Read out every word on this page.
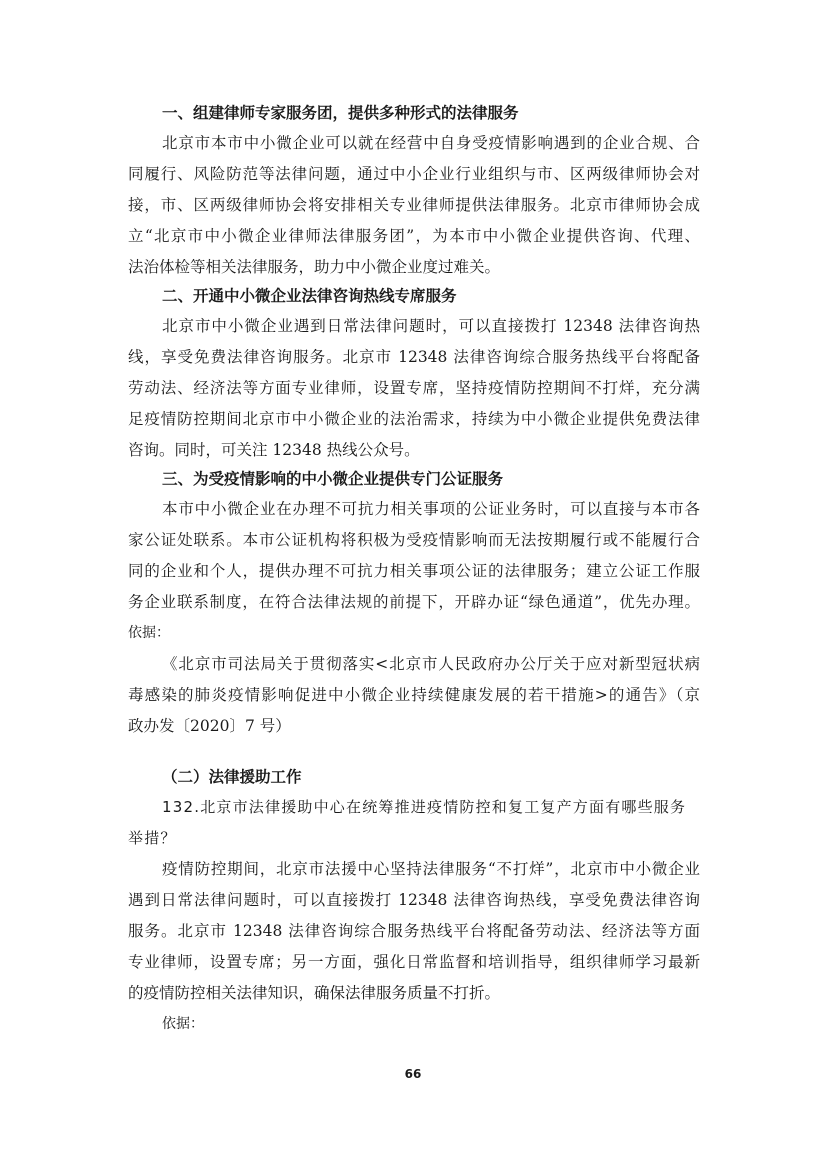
一、组建律师专家服务团，提供多种形式的法律服务
北京市本市中小微企业可以就在经营中自身受疫情影响遇到的企业合规、合
同履行、风险防范等法律问题，通过中小企业行业组织与市、区两级律师协会对
接，市、区两级律师协会将安排相关专业律师提供法律服务。北京市律师协会成
立“北京市中小微企业律师法律服务团”，为本市中小微企业提供咨询、代理、
法治体检等相关法律服务，助力中小微企业度过难关。
二、开通中小微企业法律咨询热线专席服务
北京市中小微企业遇到日常法律问题时，可以直接拨打 12348 法律咨询热
线，享受免费法律咨询服务。北京市 12348 法律咨询综合服务热线平台将配备
劳动法、经济法等方面专业律师，设置专席，坚持疫情防控期间不打烊，充分满
足疫情防控期间北京市中小微企业的法治需求，持续为中小微企业提供免费法律
咨询。同时，可关注 12348 热线公众号。
三、为受疫情影响的中小微企业提供专门公证服务
本市中小微企业在办理不可抗力相关事项的公证业务时，可以直接与本市各
家公证处联系。本市公证机构将积极为受疫情影响而无法按期履行或不能履行合
同的企业和个人，提供办理不可抗力相关事项公证的法律服务；建立公证工作服
务企业联系制度，在符合法律法规的前提下，开辟办证“绿色通道”，优先办理。
依据：
《北京市司法局关于贯彻落实<北京市人民政府办公厅关于应对新型冠状病
毒感染的肺炎疫情影响促进中小微企业持续健康发展的若干措施>的通告》（京
政办发〔2020〕7 号）
（二）法律援助工作
132.北京市法律援助中心在统筹推进疫情防控和复工复产方面有哪些服务
举措？
疫情防控期间，北京市法援中心坚持法律服务“不打烊”，北京市中小微企业
遇到日常法律问题时，可以直接拨打 12348 法律咨询热线，享受免费法律咨询
服务。北京市 12348 法律咨询综合服务热线平台将配备劳动法、经济法等方面
专业律师，设置专席；另一方面，强化日常监督和培训指导，组织律师学习最新
的疫情防控相关法律知识，确保法律服务质量不打折。
依据：
66
